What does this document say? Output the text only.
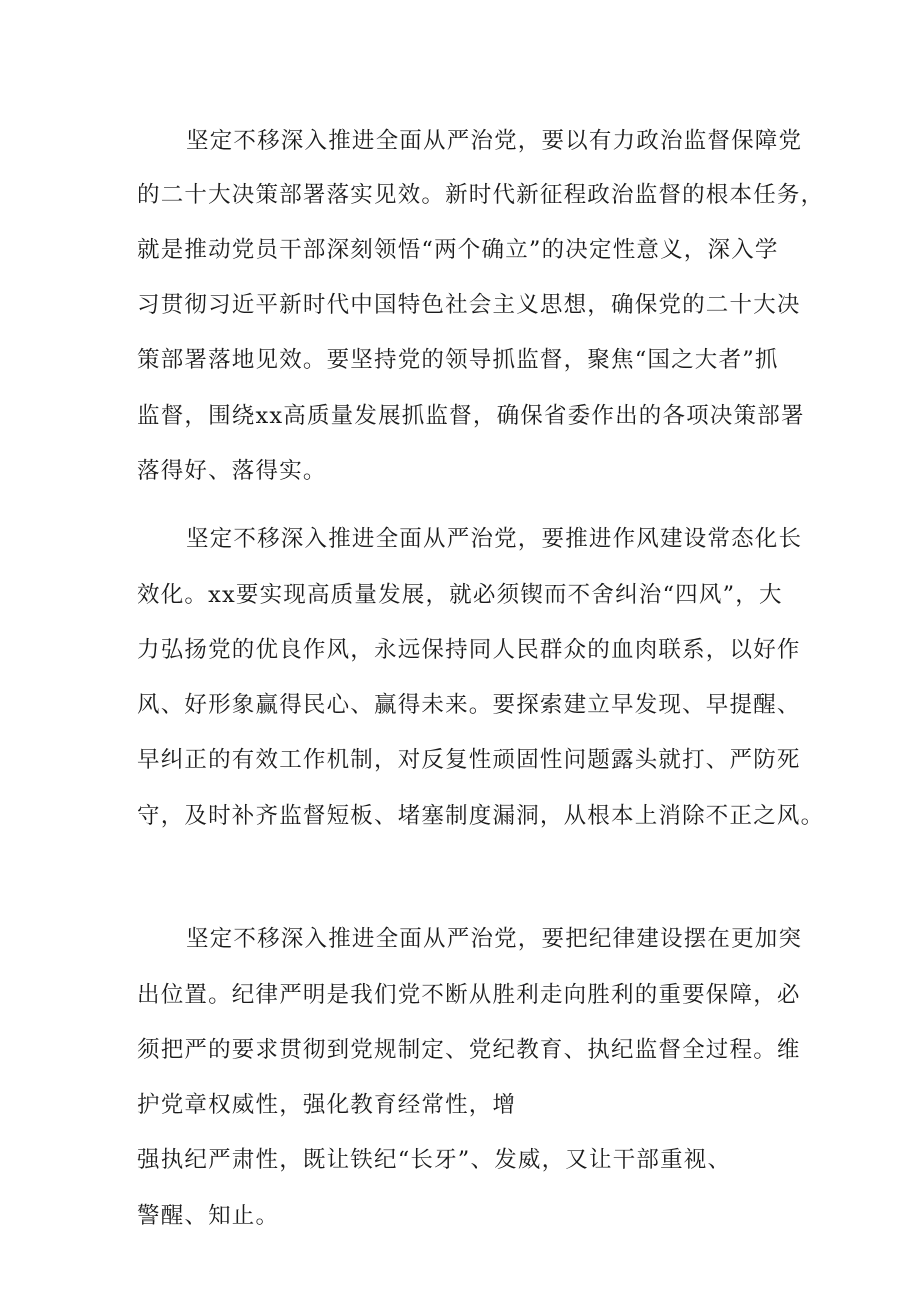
坚定不移深入推进全面从严治党，要以有力政治监督保障党
的二十大决策部署落实见效。新时代新征程政治监督的根本任务，
就是推动党员干部深刻领悟“两个确立”的决定性意义，深入学
习贯彻习近平新时代中国特色社会主义思想，确保党的二十大决
策部署落地见效。要坚持党的领导抓监督，聚焦“国之大者”抓
监督，围绕xx高质量发展抓监督，确保省委作出的各项决策部署
落得好、落得实。
坚定不移深入推进全面从严治党，要推进作风建设常态化长
效化。xx要实现高质量发展，就必须锲而不舍纠治“四风”，大
力弘扬党的优良作风，永远保持同人民群众的血肉联系，以好作
风、好形象赢得民心、赢得未来。要探索建立早发现、早提醒、
早纠正的有效工作机制，对反复性顽固性问题露头就打、严防死
守，及时补齐监督短板、堵塞制度漏洞，从根本上消除不正之风。
坚定不移深入推进全面从严治党，要把纪律建设摆在更加突
出位置。纪律严明是我们党不断从胜利走向胜利的重要保障，必
须把严的要求贯彻到党规制定、党纪教育、执纪监督全过程。维
护党章权威性，强化教育经常性，增
强执纪严肃性，既让铁纪“长牙”、发威，又让干部重视、
警醒、知止。
